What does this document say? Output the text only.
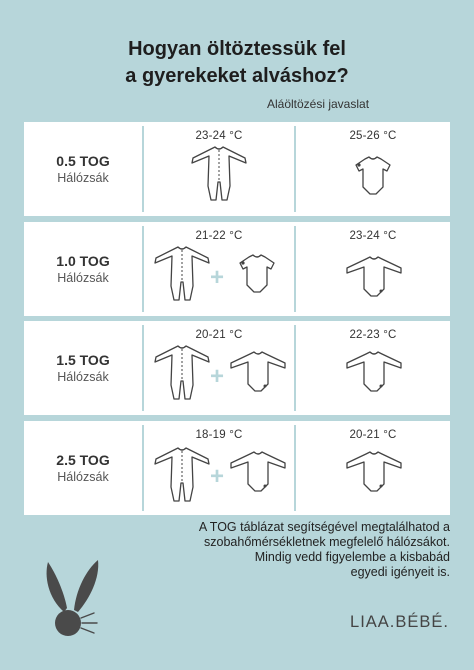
Hogyan öltöztessük fel
a gyerekeket alváshoz?
Aláöltözési javaslat
0.5 TOG
Hálózsák
23-24 °C	25-26 °C
1.0 TOG
Hálózsák
21-22 °C
+
23-24 °C
1.5 TOG
Hálózsák
20-21 °C
+
22-23 °C
2.5 TOG
Hálózsák
18-19 °C
+
20-21 °C
A TOG táblázat segítségével megtalálhatod a
szobahőmérsékletnek megfelelő hálózsákot.
Mindig vedd figyelembe a kisbabád
egyedi igényeit is.
LIAA.BÉBÉ.
